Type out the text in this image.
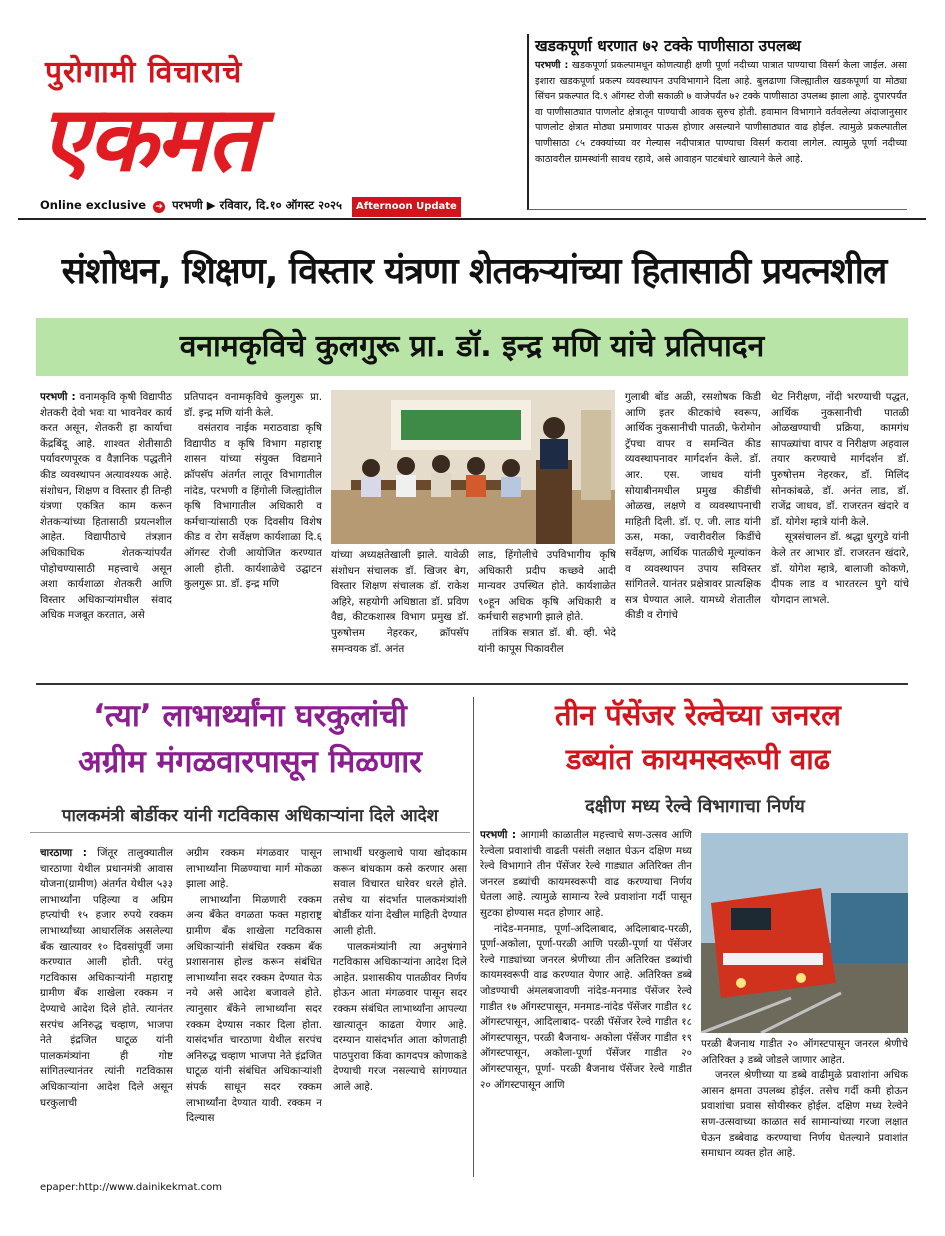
पुरोगामी विचाराचे
एकमत
Online exclusive ➔ परभणी ▶ रविवार, दि.१० ऑगस्ट २०२५ Afternoon Update
खडकपूर्णा धरणात ७२ टक्के पाणीसाठा उपलब्ध
परभणी : खडकपूर्णा प्रकल्पामधून कोणत्याही क्षणी पूर्णा नदीच्या पात्रात पाण्याचा विसर्ग केला जाईल. असा इशारा खडकपूर्णा प्रकल्प व्यवस्थापन उपविभागाने दिला आहे. बुलढाणा जिल्ह्यातील खडकपूर्णा या मोठ्या सिंचन प्रकल्पात दि.९ ऑगस्ट रोजी सकाळी ७ वाजेपर्यंत ७२ टक्के पाणीसाठा उपलब्ध झाला आहे. दुपारपर्यंत वा पाणीसाठ्यात पाणलोट क्षेत्रातून पाण्याची आवक सुरुच होती. हवामान विभागाने वर्तवलेल्या अंदाजानुसार पाणलोट क्षेत्रात मोठ्या प्रमाणावर पाऊस होणार असल्याने पाणीसाठ्यात वाढ होईल. त्यामुळे प्रकल्पातील पाणीसाठा ८५ टक्क्यांच्या वर गेल्यास नदीपात्रात पाण्याचा विसर्ग करावा लागेल. त्यामुळे पूर्णा नदीच्या काठावरील ग्रामस्थांनी सावध रहावे, असे आवाहन पाटबंधारे खात्याने केले आहे.
संशोधन, शिक्षण, विस्तार यंत्रणा शेतकऱ्यांच्या हितासाठी प्रयत्नशील
वनामकृविचे कुलगुरू प्रा. डॉ. इन्द्र मणि यांचे प्रतिपादन

परभणी : वनामकृवि कृषी विद्यापीठ शेतकरी देवो भवः या भावनेवर कार्य करत असून, शेतकरी हा कार्याचा केंद्रबिंदू आहे. शाश्वत शेतीसाठी पर्यावरणपूरक व वैज्ञानिक पद्धतीने कीड व्यवस्थापन अत्यावश्यक आहे. संशोधन, शिक्षण व विस्तार ही तिन्ही यंत्रणा एकत्रित काम करून शेतकऱ्यांच्या हितासाठी प्रयत्नशील आहेत. विद्यापीठाचे तंत्रज्ञान अधिकाधिक शेतकऱ्यांपर्यंत पोहोचण्यासाठी महत्त्वाचे असून अशा कार्यशाळा शेतकरी आणि विस्तार अधिकाऱ्यांमधील संवाद अधिक मजबूत करतात, असे

प्रतिपादन वनामकृविचे कुलगुरू प्रा. डॉ. इन्द्र मणि यांनी केले.

वसंतराव नाईक मराठवाडा कृषि विद्यापीठ व कृषि विभाग महाराष्ट्र शासन यांच्या संयुक्त विद्यमाने क्रॉपसॅप अंतर्गत लातूर विभागातील नांदेड, परभणी व हिंगोली जिल्ह्यांतील कृषि विभागातील अधिकारी व कर्मचाऱ्यांसाठी एक दिवसीय विशेष कीड व रोग सर्वेक्षण कार्यशाळा दि.६ ऑगस्ट रोजी आयोजित करण्यात आली होती. कार्यशाळेचे उद्घाटन कुलगुरू प्रा. डॉ. इन्द्र मणि

यांच्या अध्यक्षतेखाली झाले. यावेळी संशोधन संचालक डॉ. खिजर बेग, विस्तार शिक्षण संचालक डॉ. राकेश अहिरे, सहयोगी अधिष्ठाता डॉ. प्रविण वैद्य, कीटकशास्त्र विभाग प्रमुख डॉ. पुरुषोत्तम नेहरकर, क्रॉपसॅप समन्वयक डॉ. अनंत

लाड, हिंगोलीचे उपविभागीय कृषि अधिकारी प्रदीप कच्छवे आदी मान्यवर उपस्थित होते. कार्यशाळेत ९०हून अधिक कृषि अधिकारी व कर्मचारी सहभागी झाले होते.

तांत्रिक सत्रात डॉ. बी. व्ही. भेदे यांनी कापूस पिकावरील

गुलाबी बोंड अळी, रसशोषक किडी आणि इतर कीटकांचे स्वरूप, आर्थिक नुकसानीची पातळी, फेरोमोन ट्रॅपचा वापर व समन्वित कीड व्यवस्थापनावर मार्गदर्शन केले. डॉ. आर. एस. जाधव यांनी सोयाबीनमधील प्रमुख कीडींची ओळख, लक्षणे व व्यवस्थापनाची माहिती दिली. डॉ. ए. जी. लाड यांनी ऊस, मका, ज्वारीवरील किडींचे सर्वेक्षण, आर्थिक पातळीचे मूल्यांकन व व्यवस्थापन उपाय सविस्तर सांगितले. यानंतर प्रक्षेत्रावर प्रात्यक्षिक सत्र घेण्यात आले. यामध्ये शेतातील कीडी व रोगांचे

थेट निरीक्षण, नोंदी भरण्याची पद्धत, आर्थिक नुकसानीची पातळी ओळखण्याची प्रक्रिया, कामगंध सापळ्यांचा वापर व निरीक्षण अहवाल तयार करण्याचे मार्गदर्शन डॉ. पुरुषोत्तम नेहरकर, डॉ. मिलिंद सोनकांबळे, डॉ. अनंत लाड, डॉ. राजेंद्र जाधव, डॉ. राजरतन खंदारे व डॉ. योगेश म्हात्रे यांनी केले.

सूत्रसंचालन डॉ. श्रद्धा धुरगुडे यांनी केले तर आभार डॉ. राजरतन खंदारे, डॉ. योगेश म्हात्रे, बालाजी कोकणे, दीपक लाड व भारतरत्न घुगे यांचे योगदान लाभले.

‘त्या’ लाभार्थ्यांना घरकुलांची
अग्रीम मंगळवारपासून मिळणार
पालकमंत्री बोर्डीकर यांनी गटविकास अधिकाऱ्यांना दिले आदेश

चारठाणा : जिंतूर तालुक्यातील चारठाणा येथील प्रधानमंत्री आवास योजना(ग्रामीण) अंतर्गत येथील ५३३ लाभार्थ्यांना पहिल्या व अग्रिम हप्त्यांची १५ हजार रुपये रक्कम लाभार्थ्यांच्या आधारलिंक असलेल्या बँक खात्यावर १० दिवसांपूर्वी जमा करण्यात आली होती. परंतु गटविकास अधिकाऱ्यांनी महाराष्ट्र ग्रामीण बँक शाखेला रक्कम न देण्याचे आदेश दिले होते. त्यानंतर सरपंच अनिरुद्ध चव्हाण, भाजपा नेते इंद्रजित घाटूळ यांनी पालकमंत्र्यांना ही गोष्ट सांगितल्यानंतर त्यांनी गटविकास अधिकाऱ्यांना आदेश दिले असून घरकुलाची

अग्रीम रक्कम मंगळवार पासून लाभार्थ्यांना मिळण्याचा मार्ग मोकळा झाला आहे.

लाभार्थ्यांना मिळणारी रक्कम अन्य बँकेत वगळता फक्त महाराष्ट्र ग्रामीण बँक शाखेला गटविकास अधिकाऱ्यांनी संबंधित रक्कम बँक प्रशासनास होल्ड करून संबंधित लाभार्थ्यांना सदर रक्कम देण्यात येऊ नये असे आदेश बजावले होते. त्यानुसार बँकेने लाभार्थ्यांना सदर रक्कम देण्यास नकार दिला होता. यासंदर्भात चारठाणा येथील सरपंच अनिरुद्ध चव्हाण भाजपा नेते इंद्रजित घाटूळ यांनी संबंधित अधिकाऱ्यांशी संपर्क साधून सदर रक्कम लाभार्थ्यांना देण्यात यावी. रक्कम न दिल्यास

लाभार्थी घरकुलाचे पाया खोदकाम करून बांधकाम कसे करणार असा सवाल विचारत धारेवर धरले होते. तसेच या संदर्भात पालकमंत्र्यांशी बोर्डीकर यांना देखील माहिती देण्यात आली होती.

पालकमंत्र्यांनी त्या अनुषंगाने गटविकास अधिकाऱ्यांना आदेश दिले आहेत. प्रशासकीय पातळीवर निर्णय होऊन आता मंगळवार पासून सदर रक्कम संबंधित लाभार्थ्यांना आपल्या खात्यातून काढता येणार आहे. दरम्यान यासंदर्भात आता कोणताही पाठपुरावा किंवा कागदपत्र कोणाकडे देण्याची गरज नसल्याचे सांगण्यात आले आहे.

तीन पॅसेंजर रेल्वेच्या जनरल
डब्यांत कायमस्वरूपी वाढ
दक्षीण मध्य रेल्वे विभागाचा निर्णय

परभणी : आगामी काळातील महत्त्वाचे सण-उत्सव आणि रेल्वेला प्रवाशांची वाढती पसंती लक्षात घेऊन दक्षिण मध्य रेल्वे विभागाने तीन पॅसेंजर रेल्वे गाड्यात अतिरिक्त तीन जनरल डब्यांची कायमस्वरूपी वाढ करण्याचा निर्णय घेतला आहे. त्यामुळे सामान्य रेल्वे प्रवाशांना गर्दी पासून सुटका होण्यास मदत होणार आहे.

नांदेड-मनमाड, पूर्णा-अदिलाबाद, अदिलाबाद-परळी, पूर्णा-अकोला, पूर्णा-परळी आणि परळी-पूर्णा या पॅसेंजर रेल्वे गाड्यांच्या जनरल श्रेणीच्या तीन अतिरिक्त डब्यांची कायमस्वरूपी वाढ करण्यात येणार आहे. अतिरिक्त डब्बे जोडण्याची अंमलबजावणी नांदेड-मनमाड पॅसेंजर रेल्वे गाडीत १७ ऑगस्टपासून, मनमाड-नांदेड पॅसेंजर गाडीत १८ ऑगस्टपासून, आदिलाबाद- परळी पॅसेंजर रेल्वे गाडीत १८ ऑगस्टपासून, परळी बैजनाथ- अकोला पॅसेंजर गाडीत १९ ऑगस्टपासून, अकोला-पूर्णा पॅसेंजर गाडीत २० ऑगस्टपासून, पूर्णा- परळी बैजनाथ पॅसेंजर रेल्वे गाडीत २० ऑगस्टपासून आणि

परळी बैजनाथ गाडीत २० ऑगस्टपासून जनरल श्रेणीचे अतिरिक्त ३ डब्बे जोडले जाणार आहेत.

जनरल श्रेणीच्या या डब्बे वाढीमुळे प्रवाशांना अधिक आसन क्षमता उपलब्ध होईल. तसेच गर्दी कमी होऊन प्रवाशांचा प्रवास सोयीस्कर होईल. दक्षिण मध्य रेल्वेने सण-उत्सवाच्या काळात सर्व सामान्यांच्या गरजा लक्षात घेऊन डब्बेवाढ करण्याचा निर्णय घेतल्याने प्रवाशांत समाधान व्यक्त होत आहे.

epaper:http://www.dainikekmat.com
